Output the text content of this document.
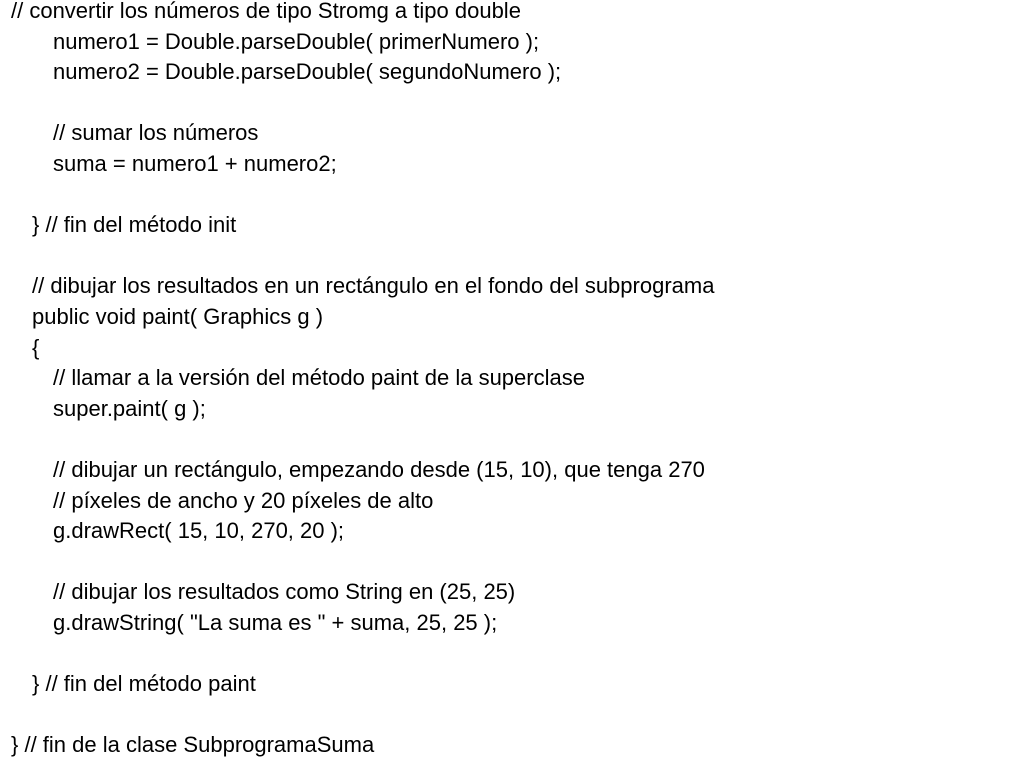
// convertir los números de tipo Stromg a tipo double
numero1 = Double.parseDouble( primerNumero );
numero2 = Double.parseDouble( segundoNumero );
// sumar los números
suma = numero1 + numero2;
} // fin del método init
// dibujar los resultados en un rectángulo en el fondo del subprograma
public void paint( Graphics g )
{
// llamar a la versión del método paint de la superclase
super.paint( g );
// dibujar un rectángulo, empezando desde (15, 10), que tenga 270
// píxeles de ancho y 20 píxeles de alto
g.drawRect( 15, 10, 270, 20 );
// dibujar los resultados como String en (25, 25)
g.drawString( "La suma es " + suma, 25, 25 );
} // fin del método paint
} // fin de la clase SubprogramaSuma
